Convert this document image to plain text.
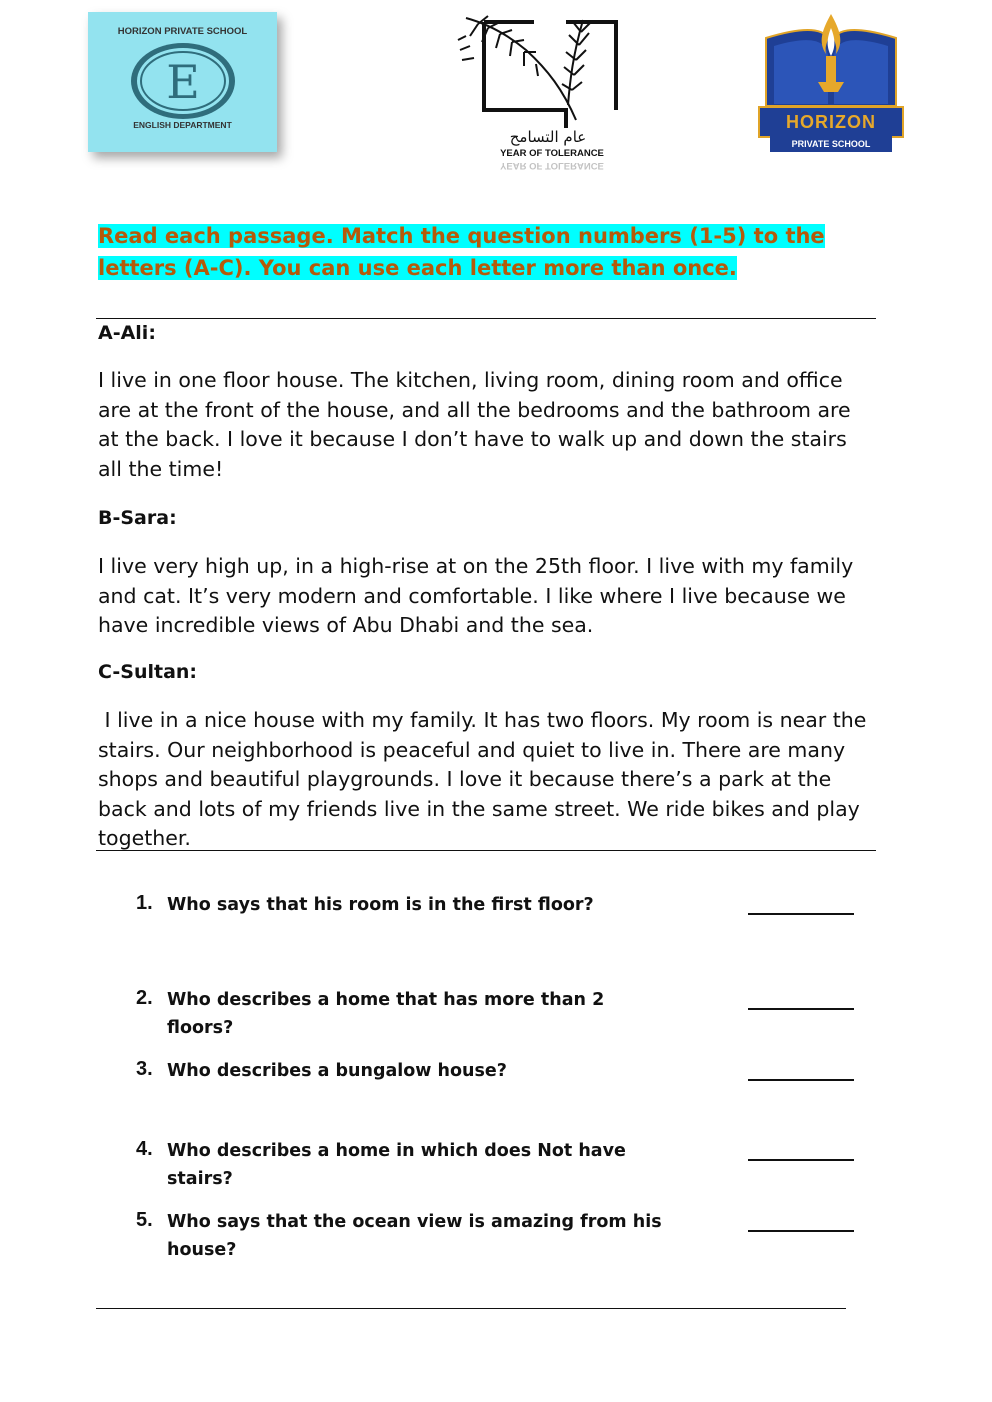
HORIZON PRIVATE SCHOOL
E
ENGLISH DEPARTMENT
عام التسامح
YEAR OF TOLERANCE
YEAR OF TOLERANCE
HORIZON
PRIVATE SCHOOL
Read each passage. Match the question numbers (1-5) to the letters (A-C). You can use each letter more than once.
A-Ali:
I live in one floor house. The kitchen, living room, dining room and office are at the front of the house, and all the bedrooms and the bathroom are at the back. I love it because I don’t have to walk up and down the stairs all the time!
B-Sara:
I live very high up, in a high-rise at on the 25th floor. I live with my family and cat. It’s very modern and comfortable. I like where I live because we have incredible views of Abu Dhabi and the sea.
C-Sultan:
I live in a nice house with my family. It has two floors. My room is near the stairs. Our neighborhood is peaceful and quiet to live in. There are many shops and beautiful playgrounds. I love it because there’s a park at the back and lots of my friends live in the same street. We ride bikes and play together.
1. Who says that his room is in the first floor?
2. Who describes a home that has more than 2 floors?
3. Who describes a bungalow house?
4. Who describes a home in which does Not have stairs?
5. Who says that the ocean view is amazing from his house?
